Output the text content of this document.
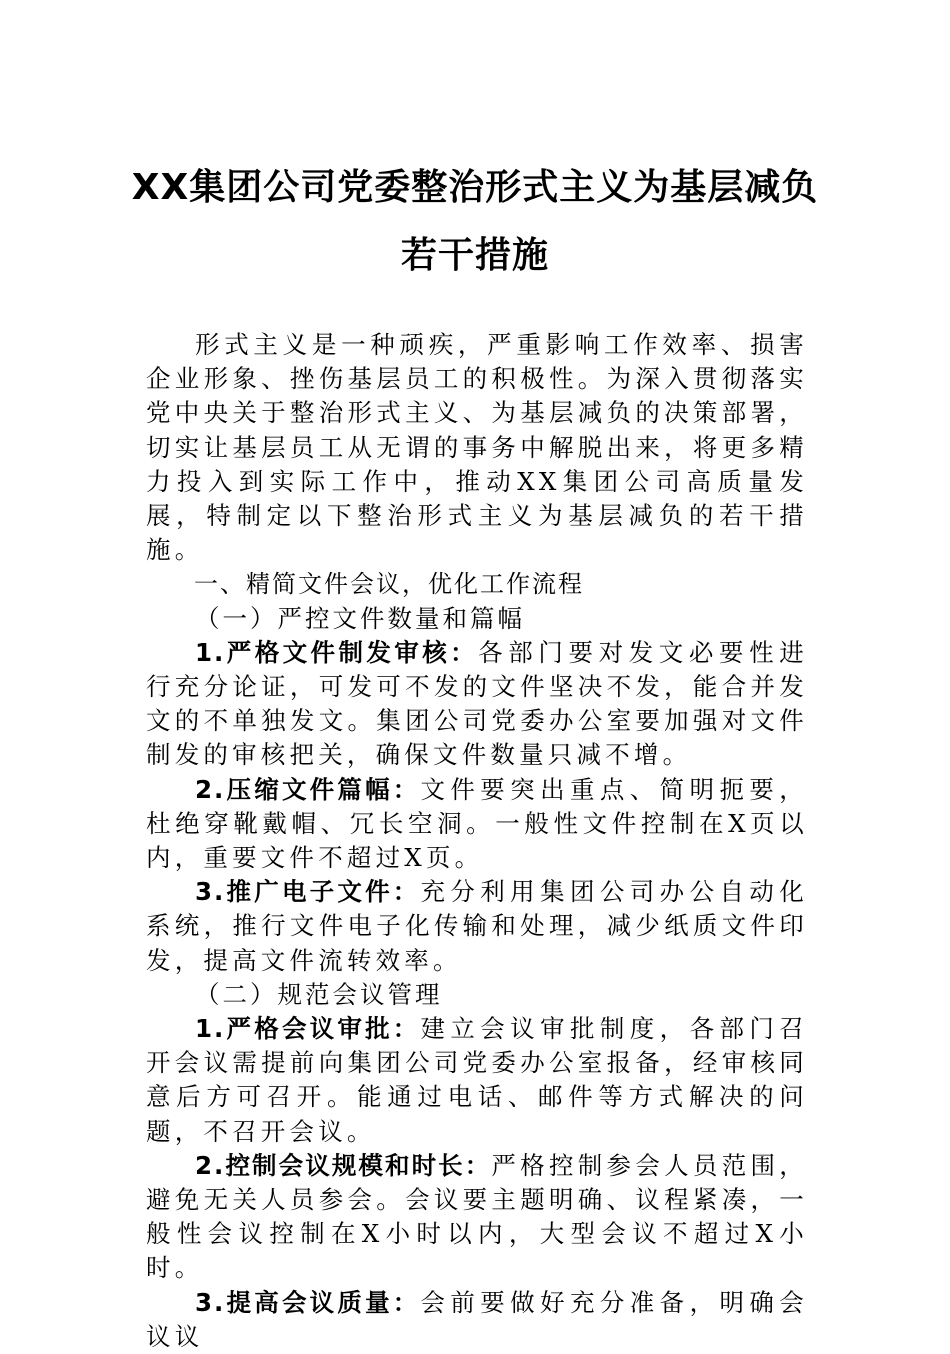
XX集团公司党委整治形式主义为基层减负
若干措施

形式主义是一种顽疾，严重影响工作效率、损害企业形象、挫伤基层员工的积极性。为深入贯彻落实党中央关于整治形式主义、为基层减负的决策部署，切实让基层员工从无谓的事务中解脱出来，将更多精力投入到实际工作中，推动XX集团公司高质量发展，特制定以下整治形式主义为基层减负的若干措施。

一、精简文件会议，优化工作流程

（一）严控文件数量和篇幅

1.严格文件制发审核：各部门要对发文必要性进行充分论证，可发可不发的文件坚决不发，能合并发文的不单独发文。集团公司党委办公室要加强对文件制发的审核把关，确保文件数量只减不增。

2.压缩文件篇幅：文件要突出重点、简明扼要，杜绝穿靴戴帽、冗长空洞。一般性文件控制在X页以内，重要文件不超过X页。

3.推广电子文件：充分利用集团公司办公自动化系统，推行文件电子化传输和处理，减少纸质文件印发，提高文件流转效率。

（二）规范会议管理

1.严格会议审批：建立会议审批制度，各部门召开会议需提前向集团公司党委办公室报备，经审核同意后方可召开。能通过电话、邮件等方式解决的问题，不召开会议。

2.控制会议规模和时长：严格控制参会人员范围，避免无关人员参会。会议要主题明确、议程紧凑，一般性会议控制在X小时以内，大型会议不超过X小时。

3.提高会议质量：会前要做好充分准备，明确会议议
